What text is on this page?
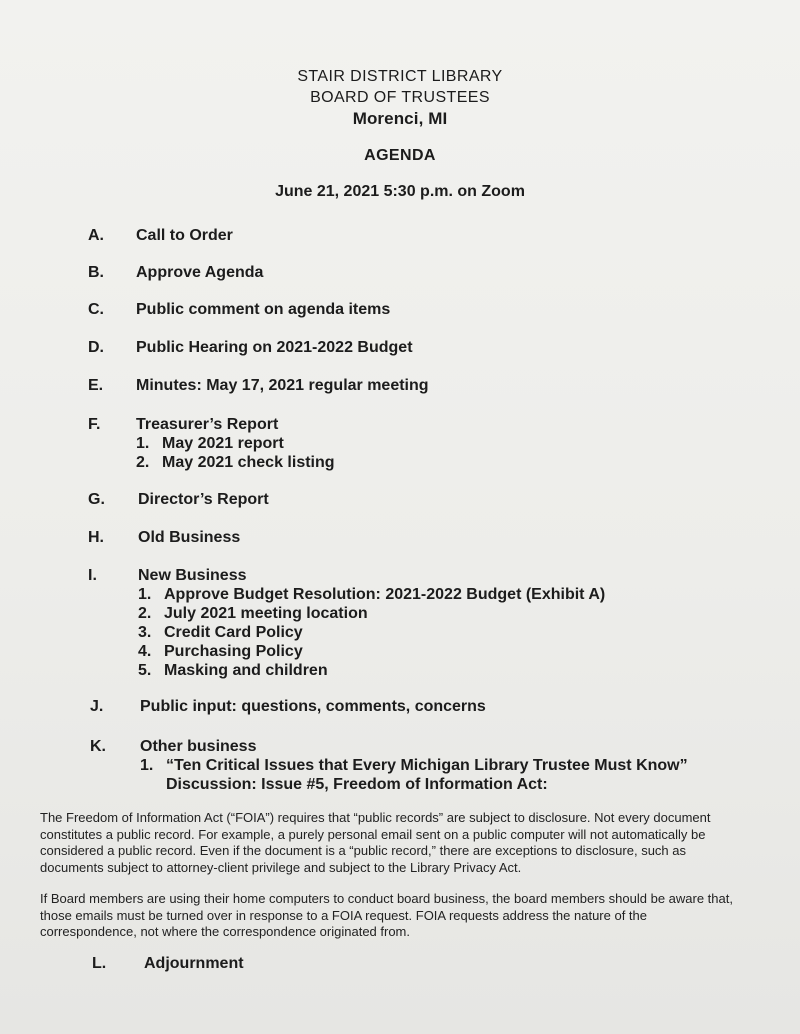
STAIR DISTRICT LIBRARY
BOARD OF TRUSTEES
Morenci, MI
AGENDA
June 21, 2021 5:30 p.m. on Zoom
A.	Call to Order
B.	Approve Agenda
C.	Public comment on agenda items
D.	Public Hearing on 2021-2022 Budget
E.	Minutes: May 17, 2021 regular meeting
F.	Treasurer’s Report
1. May 2021 report
2. May 2021 check listing
G.	Director’s Report
H.	Old Business
I.	New Business
1. Approve Budget Resolution: 2021-2022 Budget (Exhibit A)
2. July 2021 meeting location
3. Credit Card Policy
4. Purchasing Policy
5. Masking and children
J.	Public input: questions, comments, concerns
K.	Other business
1. “Ten Critical Issues that Every Michigan Library Trustee Must Know”
Discussion: Issue #5, Freedom of Information Act:
The Freedom of Information Act (“FOIA”) requires that “public records” are subject to disclosure. Not every document constitutes a public record. For example, a purely personal email sent on a public computer will not automatically be considered a public record. Even if the document is a “public record,” there are exceptions to disclosure, such as documents subject to attorney-client privilege and subject to the Library Privacy Act.
If Board members are using their home computers to conduct board business, the board members should be aware that, those emails must be turned over in response to a FOIA request. FOIA requests address the nature of the correspondence, not where the correspondence originated from.
L. Adjournment
